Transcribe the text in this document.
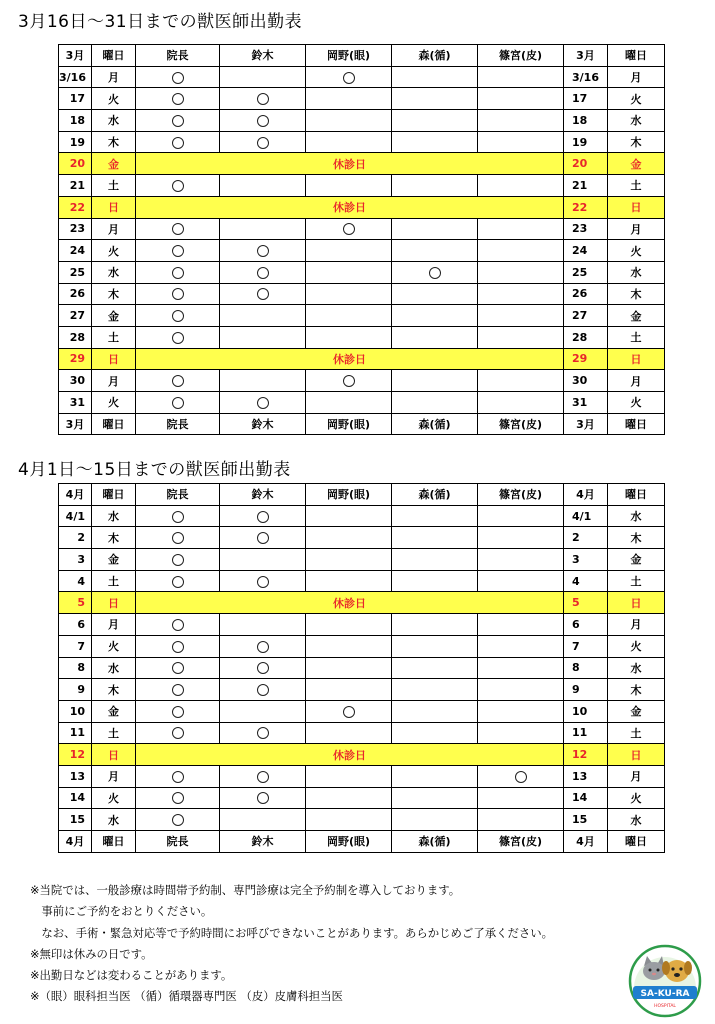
3月16日～31日までの獣医師出勤表
3月	曜日	院長	鈴木	岡野(眼)	森(循)	篠宮(皮)	3月	曜日
3/16	月						3/16	月
17	火						17	火
18	水						18	水
19	木						19	木
20	金	休診日					20	金
21	土						21	土
22	日	休診日					22	日
23	月						23	月
24	火						24	火
25	水						25	水
26	木						26	木
27	金						27	金
28	土						28	土
29	日	休診日					29	日
30	月						30	月
31	火						31	火
3月	曜日	院長	鈴木	岡野(眼)	森(循)	篠宮(皮)	3月	曜日
4月1日～15日までの獣医師出勤表
4月	曜日	院長	鈴木	岡野(眼)	森(循)	篠宮(皮)	4月	曜日
4/1	水						4/1	水
2	木						2	木
3	金						3	金
4	土						4	土
5	日	休診日					5	日
6	月						6	月
7	火						7	火
8	水						8	水
9	木						9	木
10	金						10	金
11	土						11	土
12	日	休診日					12	日
13	月						13	月
14	火						14	火
15	水						15	水
4月	曜日	院長	鈴木	岡野(眼)	森(循)	篠宮(皮)	4月	曜日
※当院では、一般診療は時間帯予約制、専門診療は完全予約制を導入しております。
　事前にご予約をおとりください。
　なお、手術・緊急対応等で予約時間にお呼びできないことがあります。あらかじめご了承ください。
※無印は休みの日です。
※出勤日などは変わることがあります。
※（眼）眼科担当医 （循）循環器専門医 （皮）皮膚科担当医	SA-KU-RA
HOSPITAL
